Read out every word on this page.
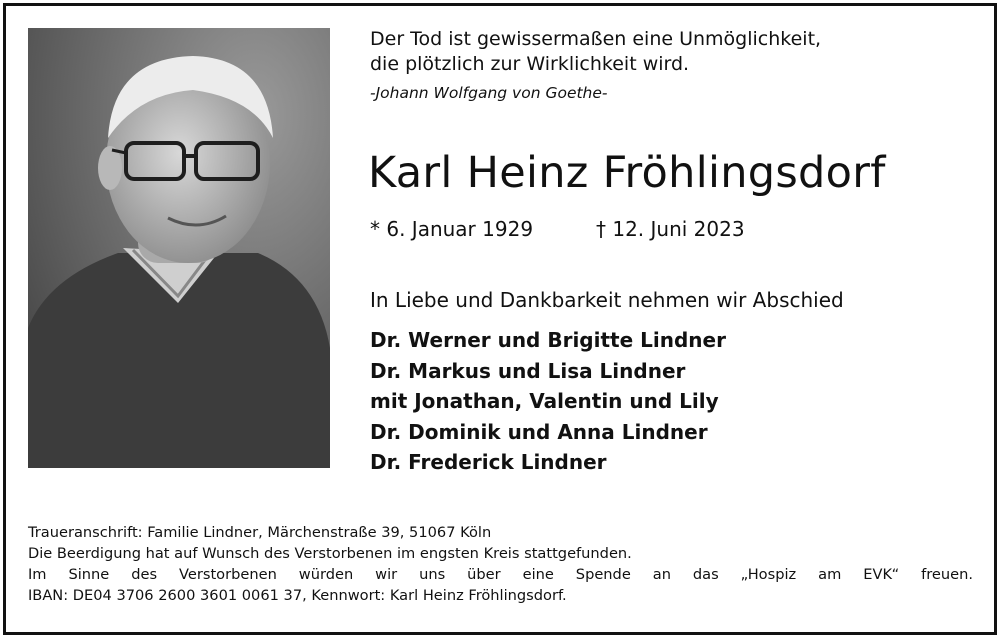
Der Tod ist gewissermaßen eine Unmöglichkeit,
die plötzlich zur Wirklichkeit wird.
-Johann Wolfgang von Goethe-
Karl Heinz Fröhlingsdorf
* 6. Januar 1929	† 12. Juni 2023
In Liebe und Dankbarkeit nehmen wir Abschied
Dr. Werner und Brigitte Lindner
Dr. Markus und Lisa Lindner
mit Jonathan, Valentin und Lily
Dr. Dominik und Anna Lindner
Dr. Frederick Lindner
Traueranschrift: Familie Lindner, Märchenstraße 39, 51067 Köln
Die Beerdigung hat auf Wunsch des Verstorbenen im engsten Kreis stattgefunden.
Im Sinne des Verstorbenen würden wir uns über eine Spende an das „Hospiz am EVK“ freuen.
IBAN: DE04 3706 2600 3601 0061 37, Kennwort: Karl Heinz Fröhlingsdorf.
